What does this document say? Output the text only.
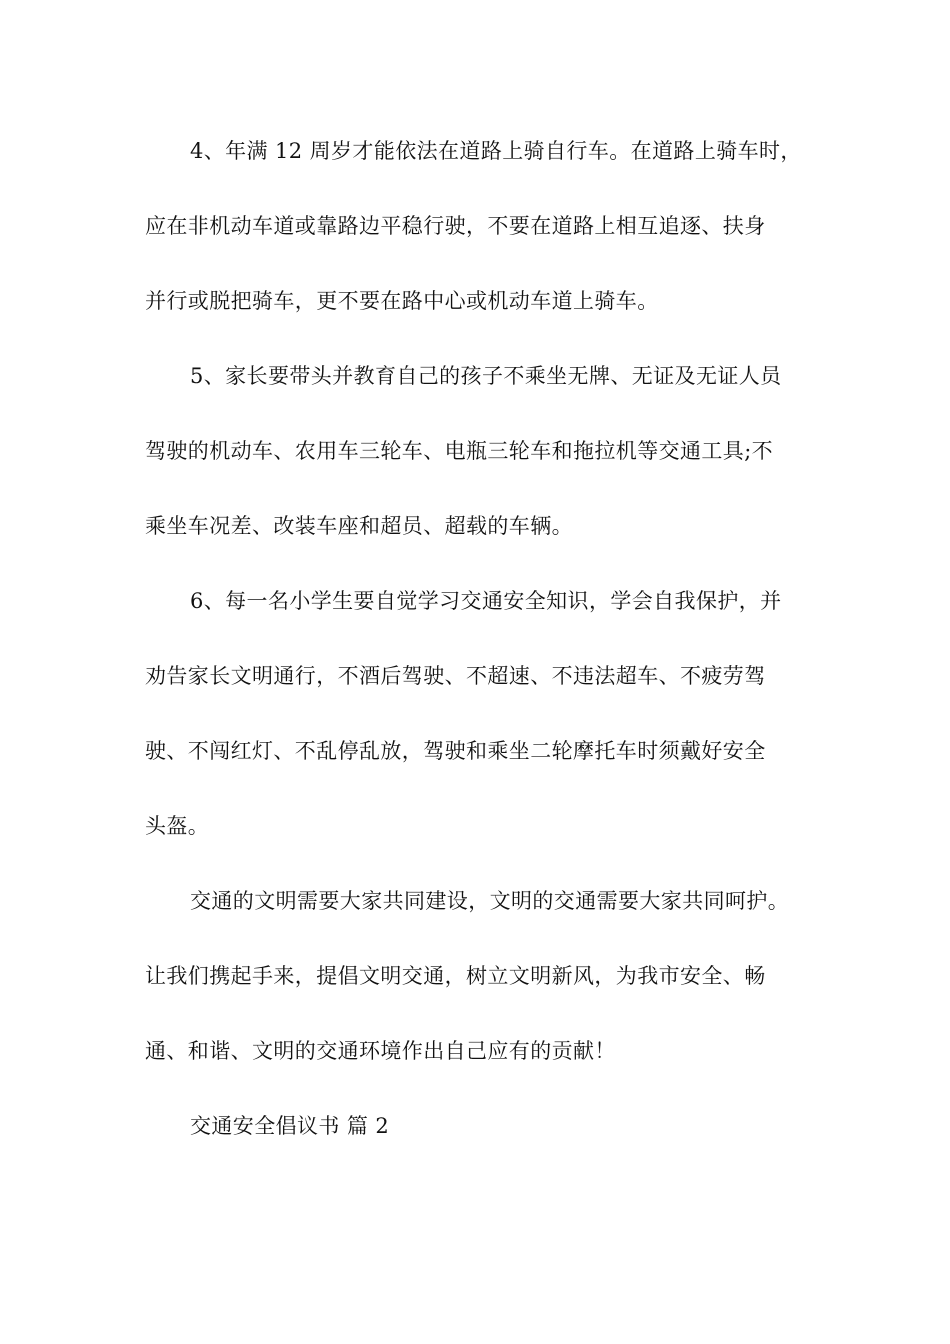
4、年满 12 周岁才能依法在道路上骑自行车。在道路上骑车时，
应在非机动车道或靠路边平稳行驶，不要在道路上相互追逐、扶身
并行或脱把骑车，更不要在路中心或机动车道上骑车。
5、家长要带头并教育自己的孩子不乘坐无牌、无证及无证人员
驾驶的机动车、农用车三轮车、电瓶三轮车和拖拉机等交通工具;不
乘坐车况差、改装车座和超员、超载的车辆。
6、每一名小学生要自觉学习交通安全知识，学会自我保护，并
劝告家长文明通行，不酒后驾驶、不超速、不违法超车、不疲劳驾
驶、不闯红灯、不乱停乱放，驾驶和乘坐二轮摩托车时须戴好安全
头盔。
交通的文明需要大家共同建设，文明的交通需要大家共同呵护。
让我们携起手来，提倡文明交通，树立文明新风，为我市安全、畅
通、和谐、文明的交通环境作出自己应有的贡献！
交通安全倡议书 篇 2
